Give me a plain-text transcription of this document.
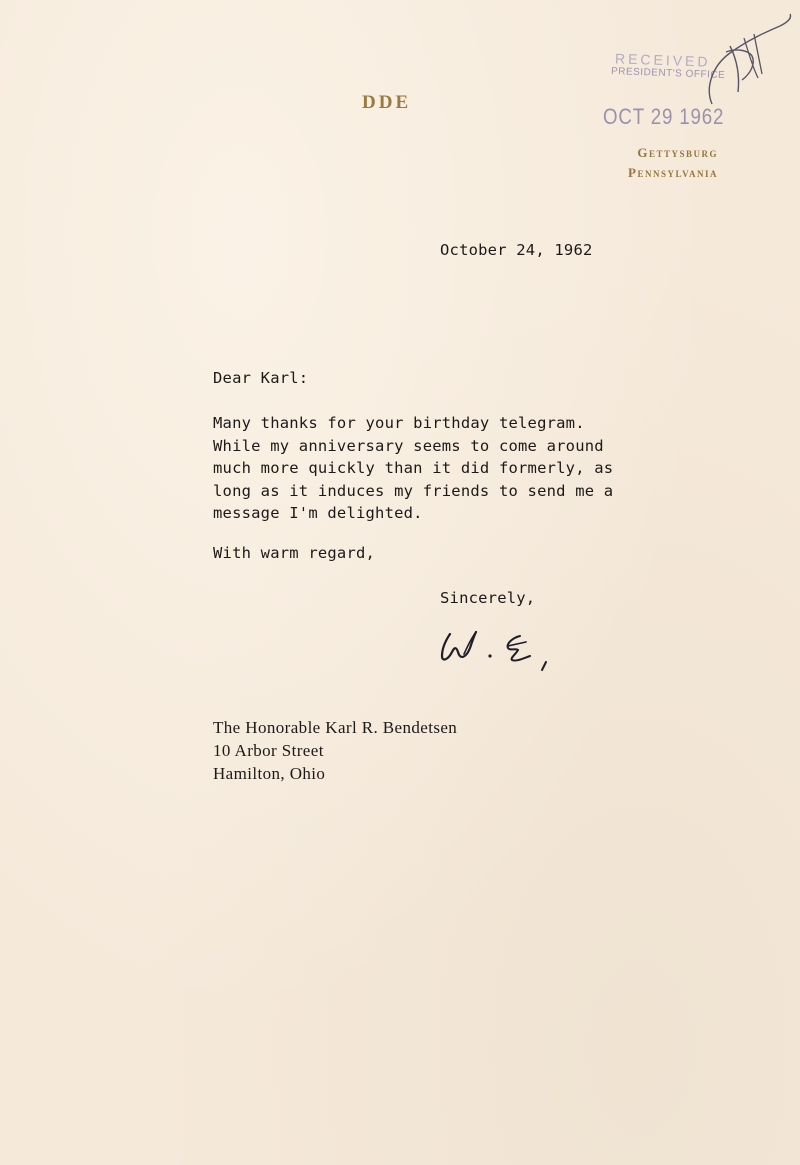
DDE
Gettysburg
Pennsylvania
RECEIVED
PRESIDENT'S OFFICE
OCT 29 1962
October 24, 1962
Dear Karl:
Many thanks for your birthday telegram.
While my anniversary seems to come around
much more quickly than it did formerly, as
long as it induces my friends to send me a
message I'm delighted.
With warm regard,
Sincerely,
The Honorable Karl R. Bendetsen
10 Arbor Street
Hamilton, Ohio
